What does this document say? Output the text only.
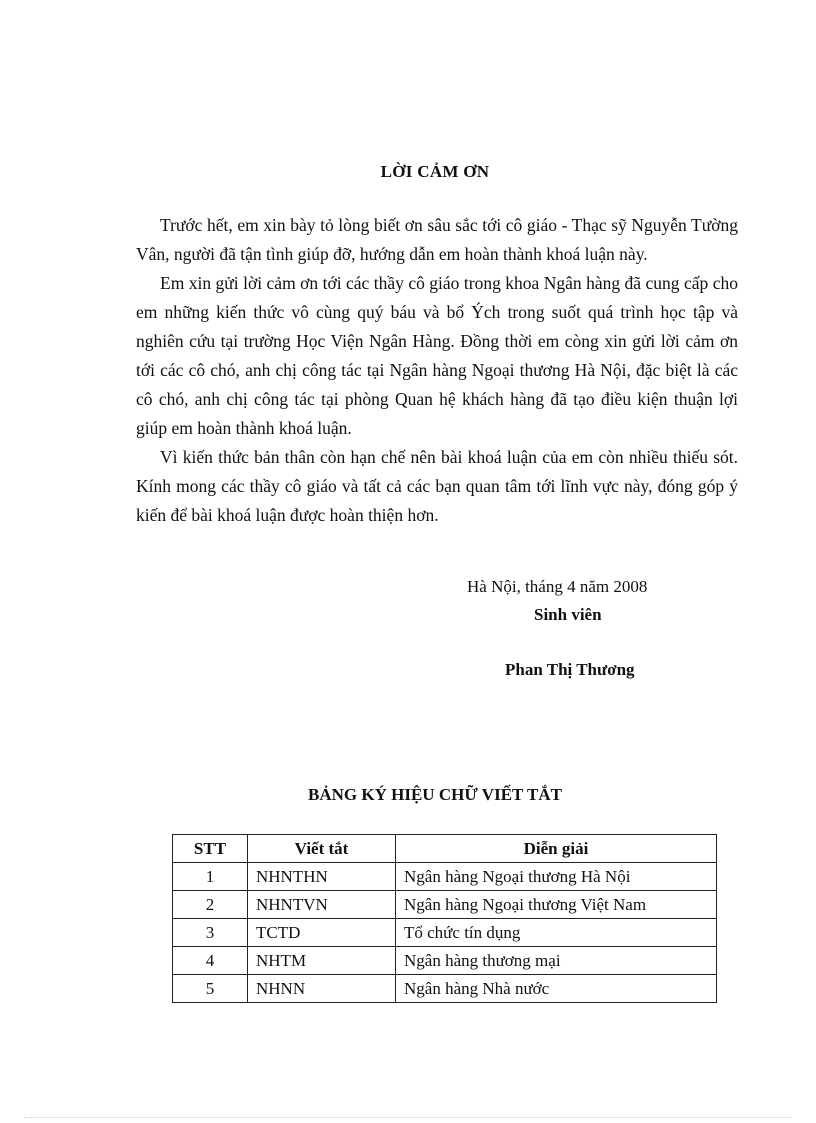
LỜI CẢM ƠN

Trước hết, em xin bày tỏ lòng biết ơn sâu sắc tới cô giáo - Thạc sỹ Nguyễn Tường Vân, người đã tận tình giúp đỡ, hướng dẫn em hoàn thành khoá luận này.

Em xin gửi lời cảm ơn tới các thầy cô giáo trong khoa Ngân hàng đã cung cấp cho em những kiến thức vô cùng quý báu và bổ Ých trong suốt quá trình học tập và nghiên cứu tại trường Học Viện Ngân Hàng. Đồng thời em còng xin gửi lời cảm ơn tới các cô chó, anh chị công tác tại Ngân hàng Ngoại thương Hà Nội, đặc biệt là các cô chó, anh chị công tác tại phòng Quan hệ khách hàng đã tạo điều kiện thuận lợi giúp em hoàn thành khoá luận.

Vì kiến thức bản thân còn hạn chế nên bài khoá luận của em còn nhiều thiếu sót. Kính mong các thầy cô giáo và tất cả các bạn quan tâm tới lĩnh vực này, đóng góp ý kiến để bài khoá luận được hoàn thiện hơn.

Hà Nội, tháng 4 năm 2008
Sinh viên
Phan Thị Thương
BẢNG KÝ HIỆU CHỮ VIẾT TẮT
STT	Viết tắt	Diễn giải
1	NHNTHN	Ngân hàng Ngoại thương Hà Nội
2	NHNTVN	Ngân hàng Ngoại thương Việt Nam
3	TCTD	Tổ chức tín dụng
4	NHTM	Ngân hàng thương mại
5	NHNN	Ngân hàng Nhà nước
